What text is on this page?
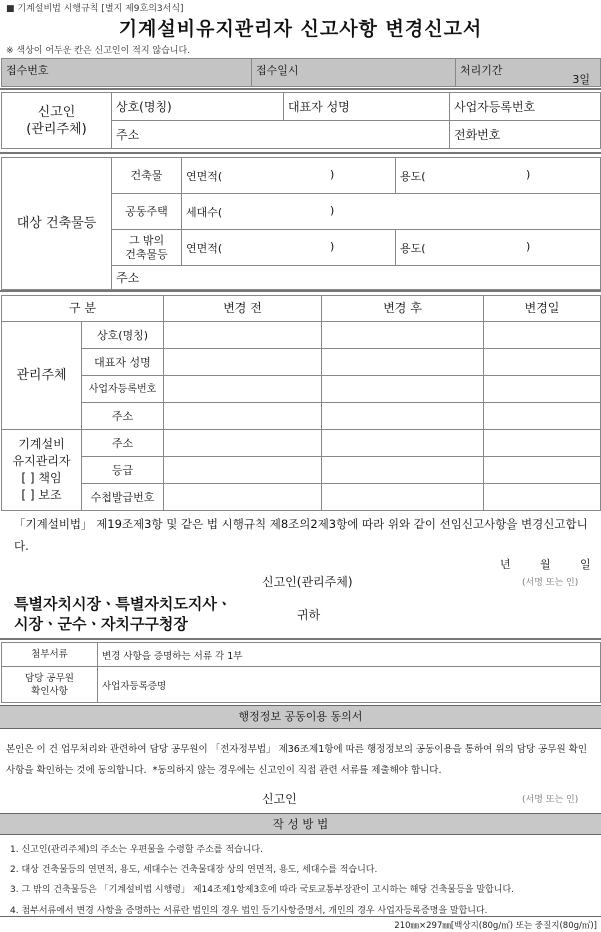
■ 기계설비법 시행규칙 [별지 제9호의3서식]
기계설비유지관리자 신고사항 변경신고서
※ 색상이 어두운 칸은 신고인이 적지 않습니다.
접수번호	접수일시	처리기간
3일
신고인
(관리주체)	상호(명칭)	대표자 성명	사업자등록번호
	주소		전화번호
대상 건축물등	건축물	연면적( )	용도( )

	공동주택	세대수( )	

	그 밖의
건축물등	연면적( )	용도( )

	주소		
구 분		변경 전	변경 후	변경일
관리주체	상호(명칭)			
	대표자 성명			
	사업자등록번호			
	주소			
기계설비
유지관리자
[ ] 책임
[ ] 보조	주소			
	등급			
	수첩발급번호			
「기계설비법」 제19조제3항 및 같은 법 시행규칙 제8조의2제3항에 따라 위와 같이 선임신고사항을 변경신고합니다.
년	월	일
신고인(관리주체)	(서명 또는 인)
특별자치시장ㆍ특별자치도지사ㆍ
시장ㆍ군수ㆍ자치구구청장	귀하
첨부서류	변경 사항을 증명하는 서류 각 1부
담당 공무원
확인사항	사업자등록증명
행정정보 공동이용 동의서
본인은 이 건 업무처리와 관련하여 담당 공무원이 「전자정부법」 제36조제1항에 따른 행정정보의 공동이용을 통하여 위의 담당 공무원 확인사항을 확인하는 것에 동의합니다. *동의하지 않는 경우에는 신고인이 직접 관련 서류를 제출해야 합니다.
신고인	(서명 또는 인)
작 성 방 법
1. 신고인(관리주체)의 주소는 우편물을 수령할 주소를 적습니다.
2. 대상 건축물등의 연면적, 용도, 세대수는 건축물대장 상의 연면적, 용도, 세대수를 적습니다.
3. 그 밖의 건축물등은 「기계설비법 시행령」 제14조제1항제3호에 따라 국토교통부장관이 고시하는 해당 건축물등을 말합니다.
4. 첨부서류에서 변경 사항을 증명하는 서류란 법인의 경우 법인 등기사항증명서, 개인의 경우 사업자등록증명을 말합니다.
210㎜×297㎜[백상지(80g/㎡) 또는 중질지(80g/㎡)]
